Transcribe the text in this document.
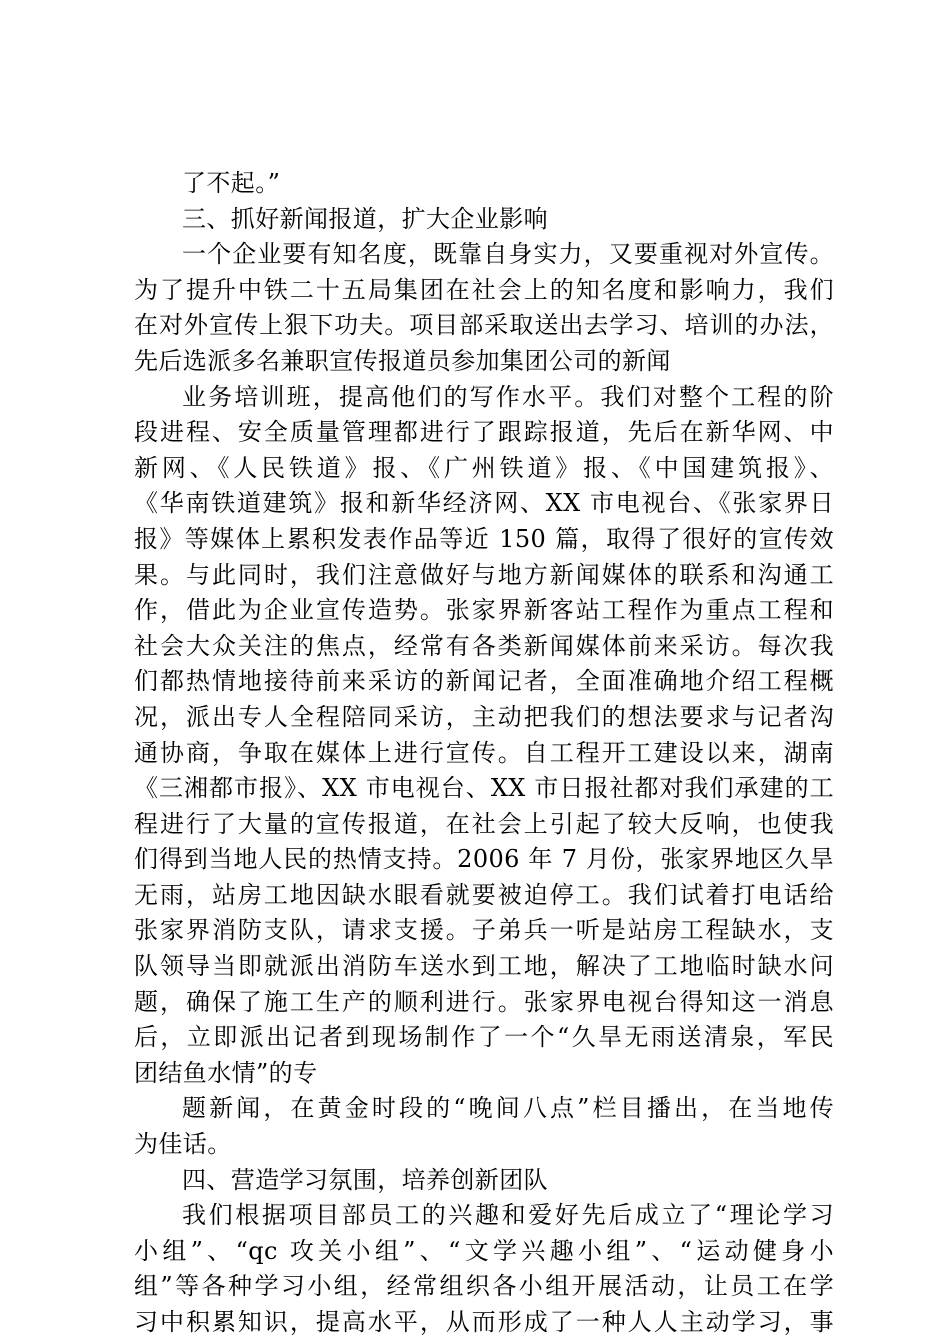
了不起。”
三、抓好新闻报道，扩大企业影响
一个企业要有知名度，既靠自身实力，又要重视对外宣传。
为了提升中铁二十五局集团在社会上的知名度和影响力，我们
在对外宣传上狠下功夫。项目部采取送出去学习、培训的办法，
先后选派多名兼职宣传报道员参加集团公司的新闻
业务培训班，提高他们的写作水平。我们对整个工程的阶
段进程、安全质量管理都进行了跟踪报道，先后在新华网、中
新网、《人民铁道》报、《广州铁道》报、《中国建筑报》、
《华南铁道建筑》报和新华经济网、XX 市电视台、《张家界日
报》等媒体上累积发表作品等近 150 篇，取得了很好的宣传效
果。与此同时，我们注意做好与地方新闻媒体的联系和沟通工
作，借此为企业宣传造势。张家界新客站工程作为重点工程和
社会大众关注的焦点，经常有各类新闻媒体前来采访。每次我
们都热情地接待前来采访的新闻记者，全面准确地介绍工程概
况，派出专人全程陪同采访，主动把我们的想法要求与记者沟
通协商，争取在媒体上进行宣传。自工程开工建设以来，湖南
《三湘都市报》、XX 市电视台、XX 市日报社都对我们承建的工
程进行了大量的宣传报道，在社会上引起了较大反响，也使我
们得到当地人民的热情支持。2006 年 7 月份，张家界地区久旱
无雨，站房工地因缺水眼看就要被迫停工。我们试着打电话给
张家界消防支队，请求支援。子弟兵一听是站房工程缺水，支
队领导当即就派出消防车送水到工地，解决了工地临时缺水问
题，确保了施工生产的顺利进行。张家界电视台得知这一消息
后，立即派出记者到现场制作了一个“久旱无雨送清泉，军民
团结鱼水情”的专
题新闻，在黄金时段的“晚间八点”栏目播出，在当地传
为佳话。
四、营造学习氛围，培养创新团队
我们根据项目部员工的兴趣和爱好先后成立了“理论学习
小组”、“qc 攻关小组”、“文学兴趣小组”、“运动健身小
组”等各种学习小组，经常组织各小组开展活动，让员工在学
习中积累知识，提高水平，从而形成了一种人人主动学习，事
